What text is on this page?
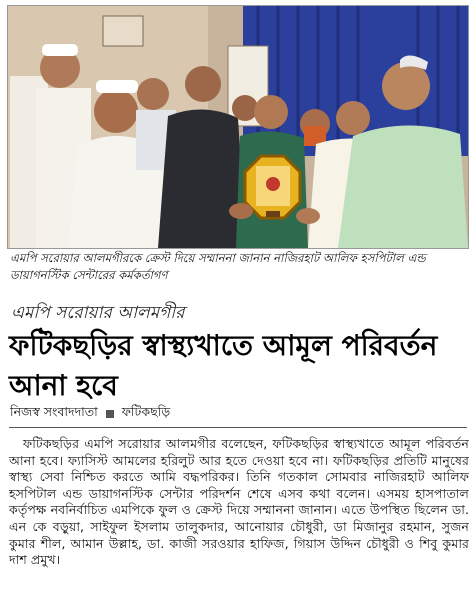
এমপি সরোয়ার আলমগীরকে ক্রেস্ট দিয়ে সম্মাননা জানান নাজিরহাট আলিফ হসপিটাল এন্ড ডায়াগনস্টিক সেন্টারের কর্মকর্তাগণ
এমপি সরোয়ার আলমগীর
ফটিকছড়ির স্বাস্থ্যখাতে আমূল পরিবর্তন আনা হবে
নিজস্ব সংবাদদাতা ফটিকছড়ি

ফটিকছড়ির এমপি সরোয়ার আলমগীর বলেছেন, ফটিকছড়ির স্বাস্থ্যখাতে আমূল পরিবর্তন আনা হবে। ফ্যাসিস্ট আমলের হরিলুট আর হতে দেওয়া হবে না। ফটিকছড়ির প্রতিটি মানুষের স্বাস্থ্য সেবা নিশ্চিত করতে আমি বদ্ধপরিকর। তিনি গতকাল সোমবার নাজিরহাট আলিফ হসপিটাল এন্ড ডায়াগনস্টিক সেন্টার পরিদর্শন শেষে এসব কথা বলেন। এসময় হাসপাতাল কর্তৃপক্ষ নবনির্বাচিত এমপিকে ফুল ও ক্রেস্ট দিয়ে সম্মাননা জানান। এতে উপস্থিত ছিলেন ডা. এন কে বড়ুয়া, সাইফুল ইসলাম তালুকদার, আনোয়ার চৌধুরী, ডা মিজানুর রহমান, সুজন কুমার শীল, আমান উল্লাহ, ডা. কাজী সরওয়ার হাফিজ, গিয়াস উদ্দিন চৌধুরী ও শিবু কুমার দাশ প্রমুখ।
